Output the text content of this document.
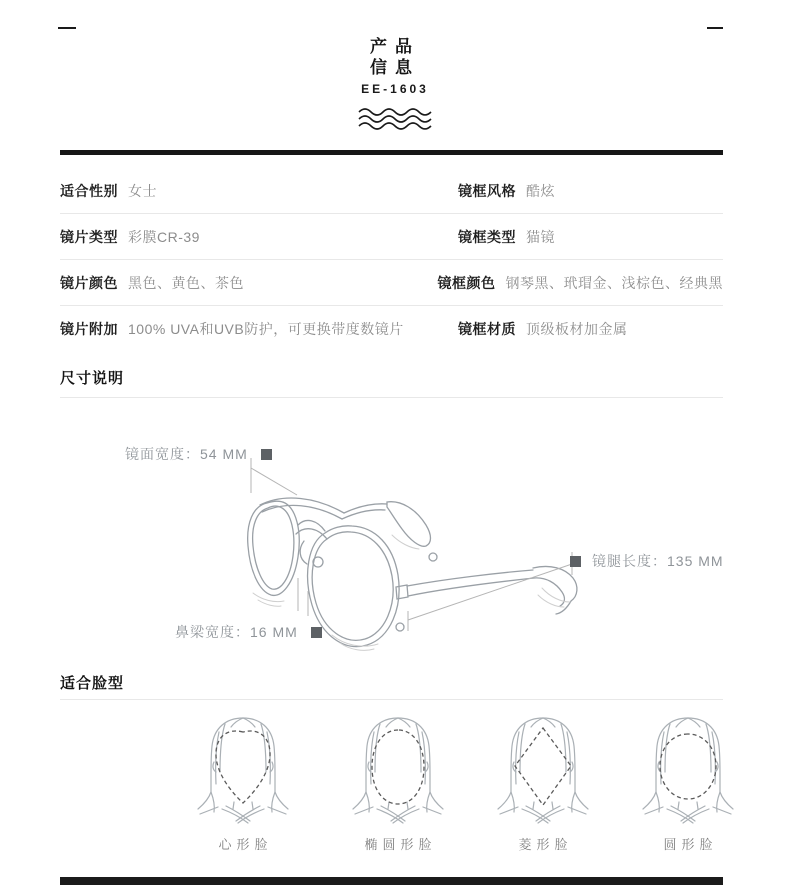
产品
信息
EE-1603
适合性别 女士	镜框风格 酷炫
镜片类型 彩膜CR-39	镜框类型 猫镜
镜片颜色 黑色、黄色、茶色	镜框颜色 钢琴黑、玳瑁金、浅棕色、经典黑
镜片附加 100% UVA和UVB防护，可更换带度数镜片	镜框材质 顶级板材加金属
尺寸说明
镜面宽度：54 MM
镜腿长度：135 MM
鼻梁宽度：16 MM
适合脸型
心形脸	椭圆形脸	菱形脸	圆形脸
